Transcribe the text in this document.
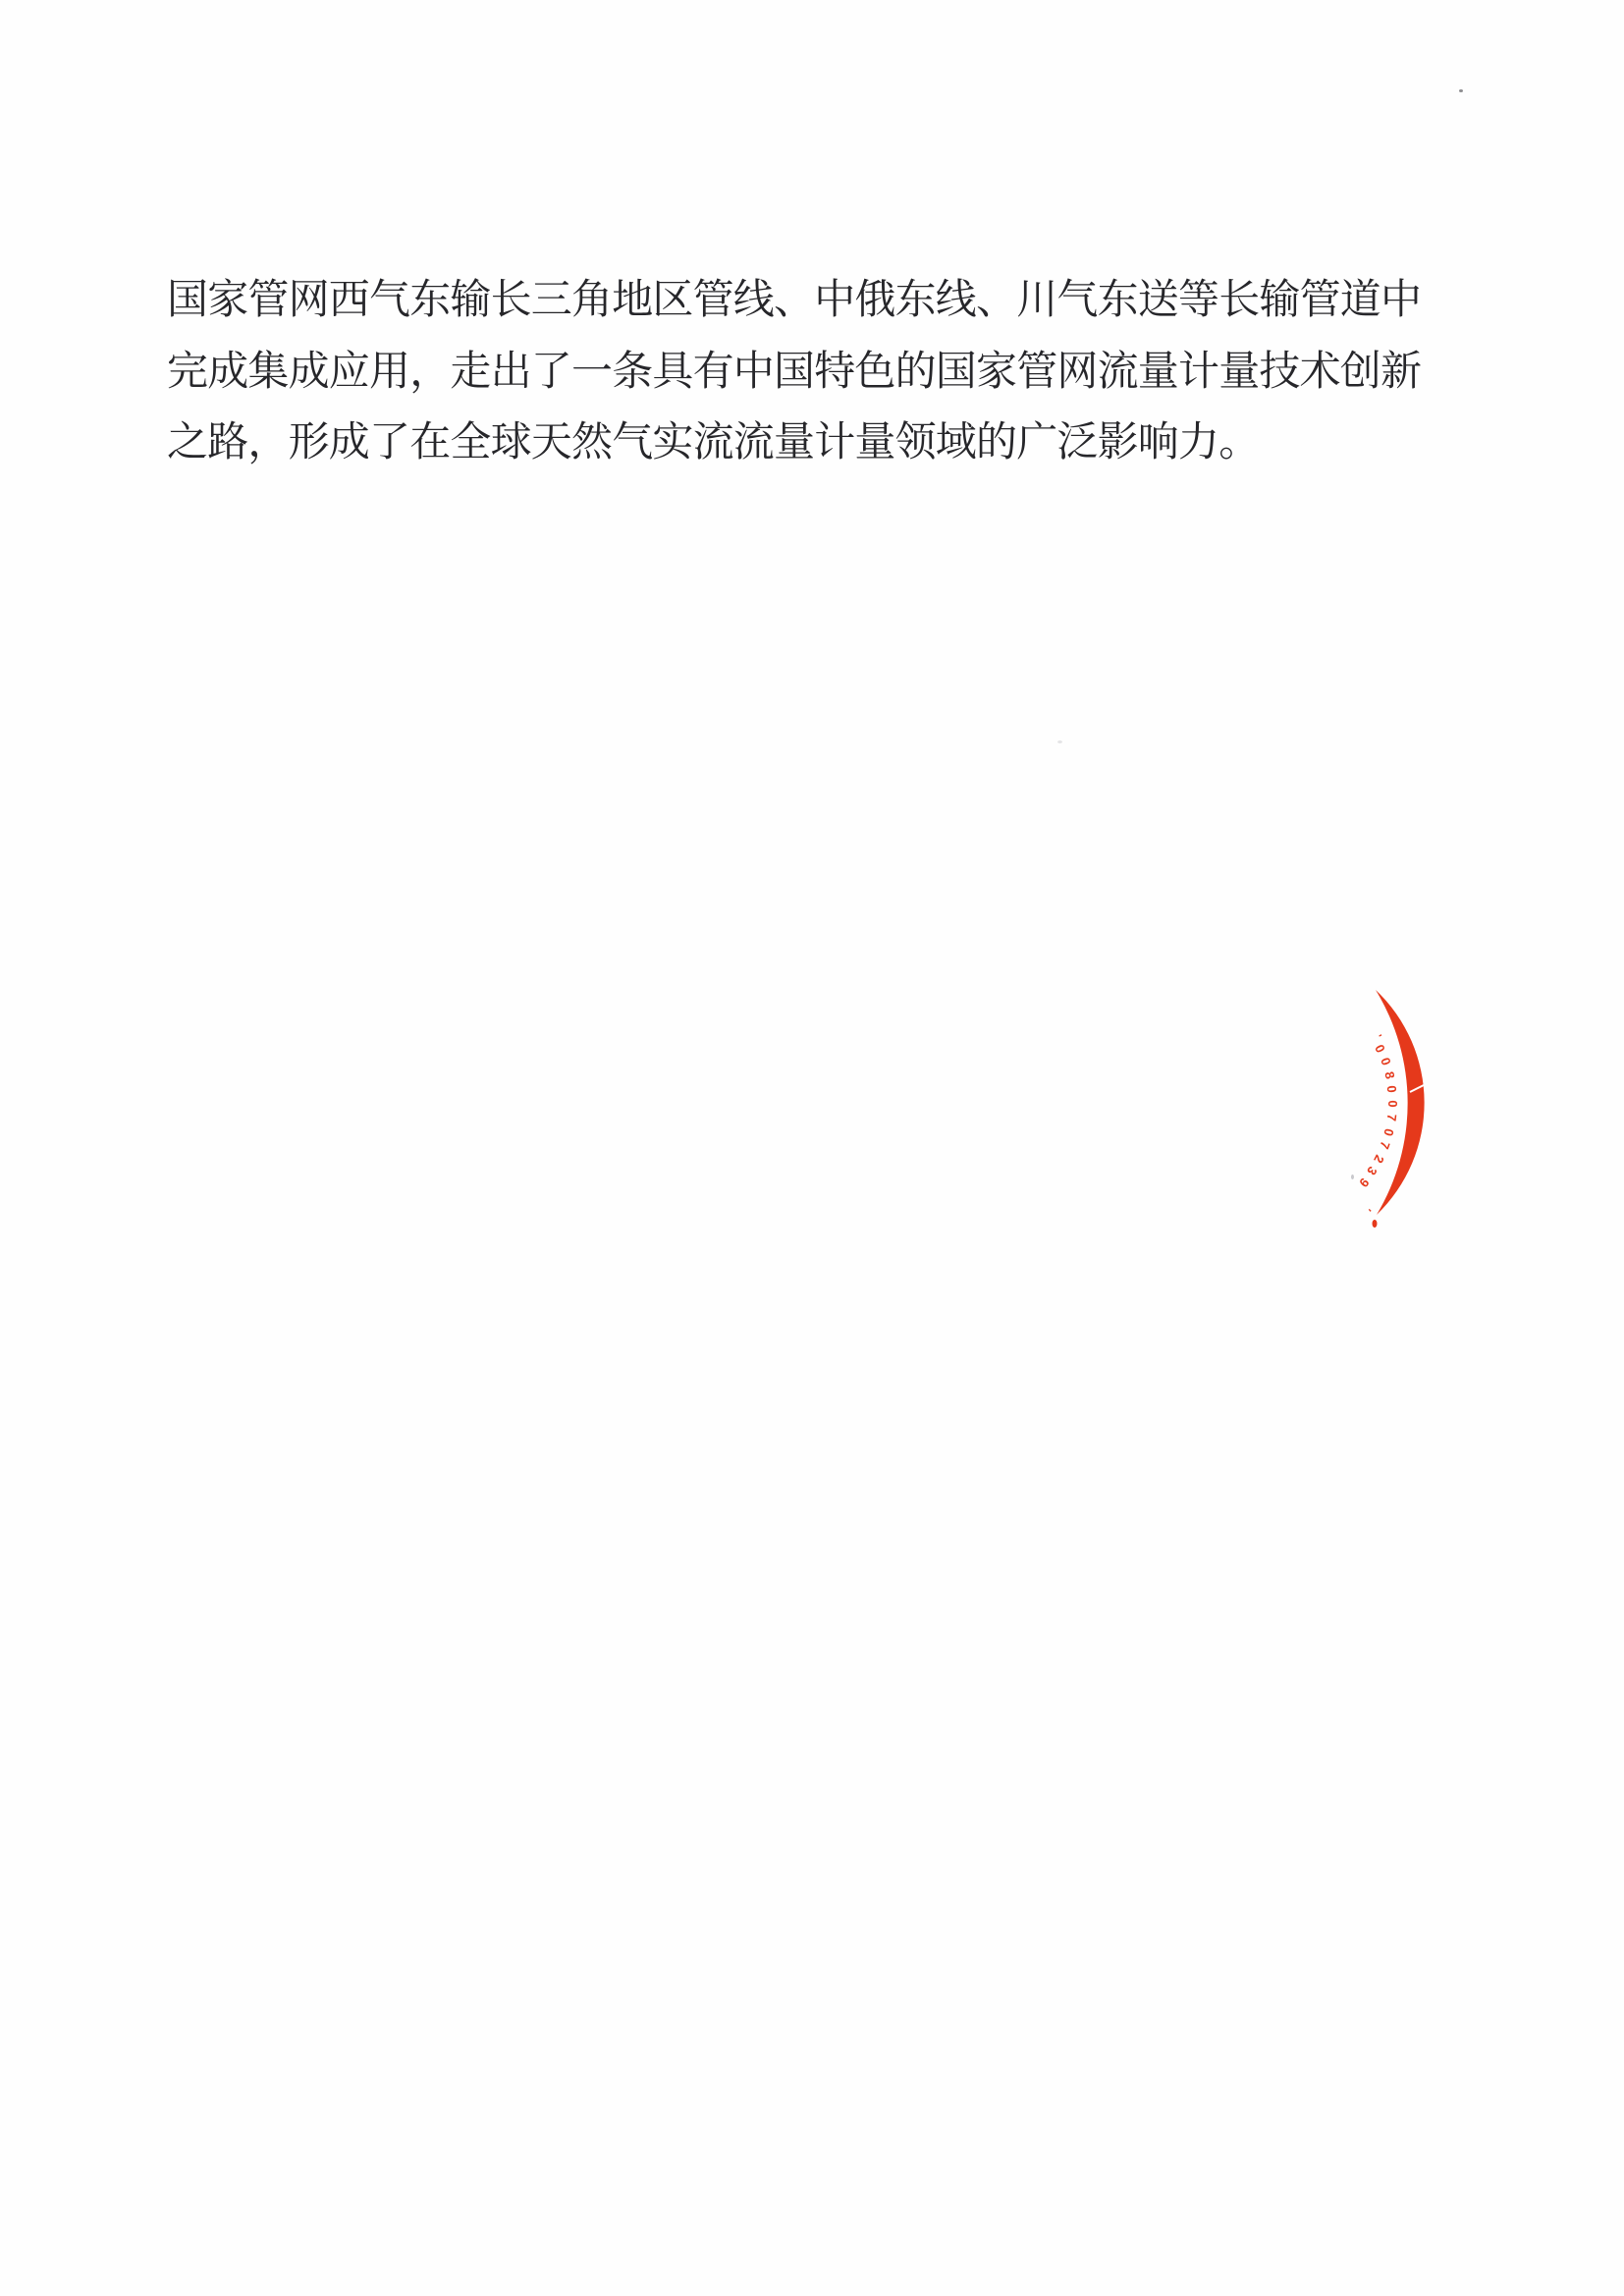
国家管网西气东输长三角地区管线、中俄东线、川气东送等长输管道中
完成集成应用，走出了一条具有中国特色的国家管网流量计量技术创新
之路，形成了在全球天然气实流流量计量领域的广泛影响力。
'
0
0
8
0
0
7
0
7
2
3
9
'
